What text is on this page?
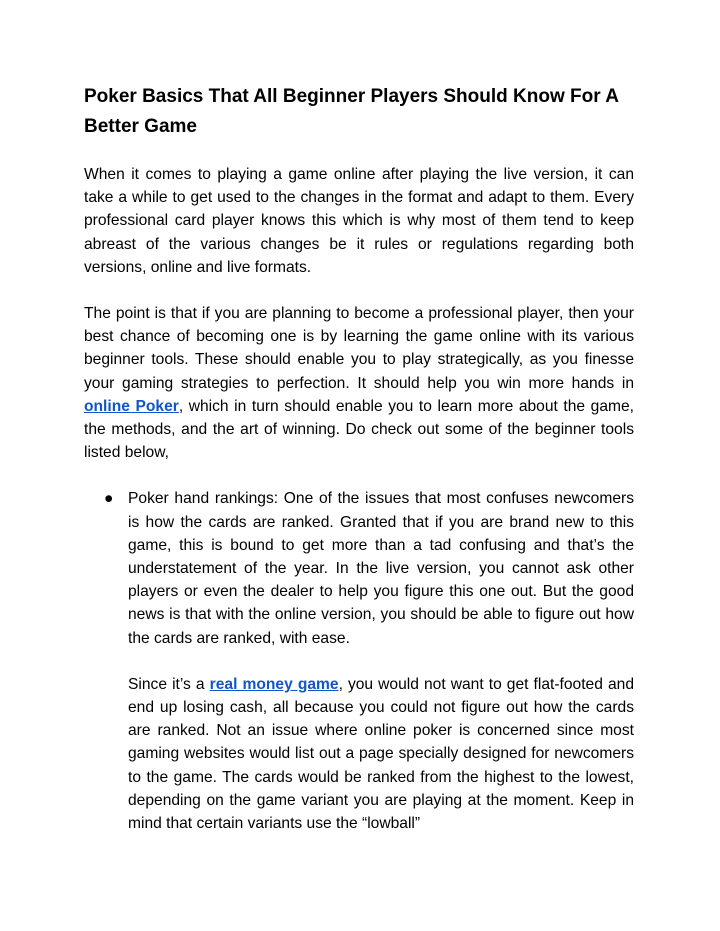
Poker Basics That All Beginner Players Should Know For A Better Game

When it comes to playing a game online after playing the live version, it can take a while to get used to the changes in the format and adapt to them. Every professional card player knows this which is why most of them tend to keep abreast of the various changes be it rules or regulations regarding both versions, online and live formats.

The point is that if you are planning to become a professional player, then your best chance of becoming one is by learning the game online with its various beginner tools. These should enable you to play strategically, as you finesse your gaming strategies to perfection. It should help you win more hands in online Poker, which in turn should enable you to learn more about the game, the methods, and the art of winning. Do check out some of the beginner tools listed below,

● Poker hand rankings: One of the issues that most confuses newcomers is how the cards are ranked. Granted that if you are brand new to this game, this is bound to get more than a tad confusing and that’s the understatement of the year. In the live version, you cannot ask other players or even the dealer to help you figure this one out. But the good news is that with the online version, you should be able to figure out how the cards are ranked, with ease.

Since it’s a real money game, you would not want to get flat-footed and end up losing cash, all because you could not figure out how the cards are ranked. Not an issue where online poker is concerned since most gaming websites would list out a page specially designed for newcomers to the game. The cards would be ranked from the highest to the lowest, depending on the game variant you are playing at the moment. Keep in mind that certain variants use the “lowball”
